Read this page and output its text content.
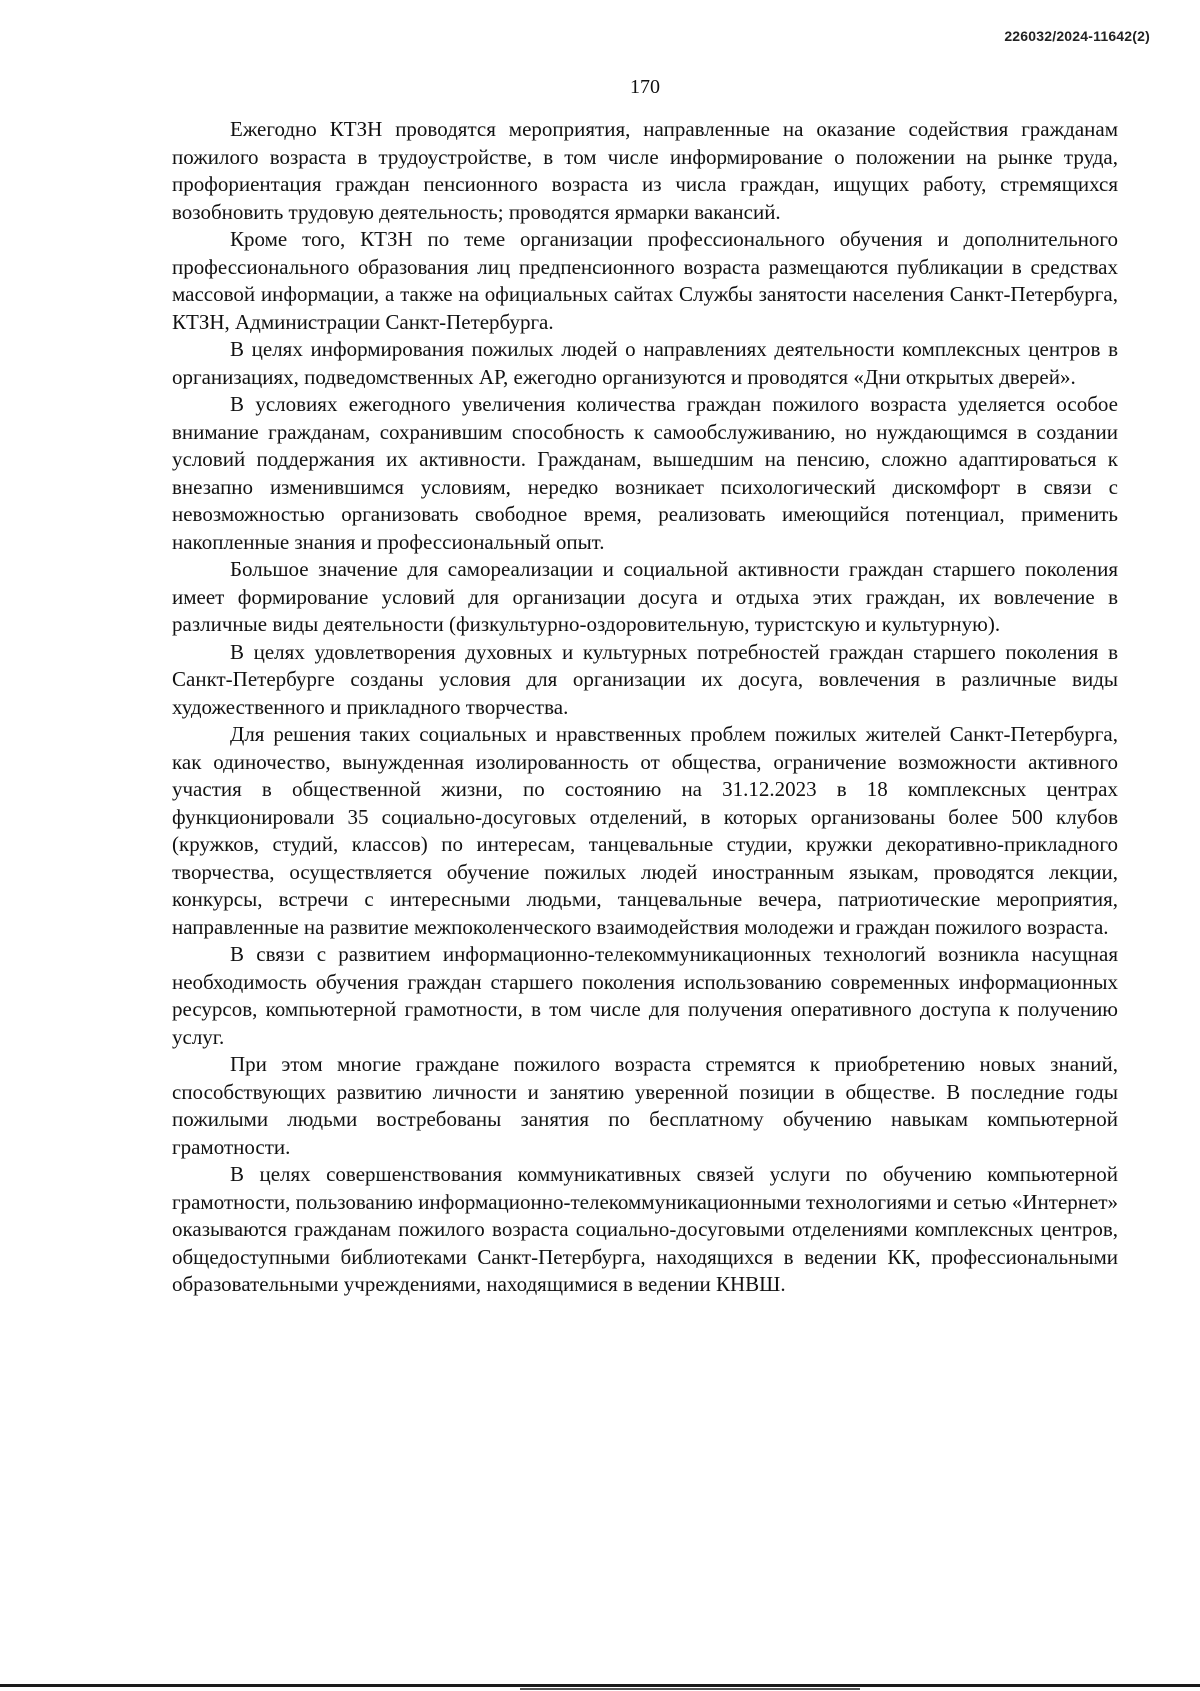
226032/2024-11642(2)
170

Ежегодно КТЗН проводятся мероприятия, направленные на оказание содействия гражданам пожилого возраста в трудоустройстве, в том числе информирование о положении на рынке труда, профориентация граждан пенсионного возраста из числа граждан, ищущих работу, стремящихся возобновить трудовую деятельность; проводятся ярмарки вакансий.

Кроме того, КТЗН по теме организации профессионального обучения и дополнительного профессионального образования лиц предпенсионного возраста размещаются публикации в средствах массовой информации, а также на официальных сайтах Службы занятости населения Санкт-Петербурга, КТЗН, Администрации Санкт-Петербурга.

В целях информирования пожилых людей о направлениях деятельности комплексных центров в организациях, подведомственных АР, ежегодно организуются и проводятся «Дни открытых дверей».

В условиях ежегодного увеличения количества граждан пожилого возраста уделяется особое внимание гражданам, сохранившим способность к самообслуживанию, но нуждающимся в создании условий поддержания их активности. Гражданам, вышедшим на пенсию, сложно адаптироваться к внезапно изменившимся условиям, нередко возникает психологический дискомфорт в связи с невозможностью организовать свободное время, реализовать имеющийся потенциал, применить накопленные знания и профессиональный опыт.

Большое значение для самореализации и социальной активности граждан старшего поколения имеет формирование условий для организации досуга и отдыха этих граждан, их вовлечение в различные виды деятельности (физкультурно-оздоровительную, туристскую и культурную).

В целях удовлетворения духовных и культурных потребностей граждан старшего поколения в Санкт-Петербурге созданы условия для организации их досуга, вовлечения в различные виды художественного и прикладного творчества.

Для решения таких социальных и нравственных проблем пожилых жителей Санкт-Петербурга, как одиночество, вынужденная изолированность от общества, ограничение возможности активного участия в общественной жизни, по состоянию на 31.12.2023 в 18 комплексных центрах функционировали 35 социально-досуговых отделений, в которых организованы более 500 клубов (кружков, студий, классов) по интересам, танцевальные студии, кружки декоративно-прикладного творчества, осуществляется обучение пожилых людей иностранным языкам, проводятся лекции, конкурсы, встречи с интересными людьми, танцевальные вечера, патриотические мероприятия, направленные на развитие межпоколенческого взаимодействия молодежи и граждан пожилого возраста.

В связи с развитием информационно-телекоммуникационных технологий возникла насущная необходимость обучения граждан старшего поколения использованию современных информационных ресурсов, компьютерной грамотности, в том числе для получения оперативного доступа к получению услуг.

При этом многие граждане пожилого возраста стремятся к приобретению новых знаний, способствующих развитию личности и занятию уверенной позиции в обществе. В последние годы пожилыми людьми востребованы занятия по бесплатному обучению навыкам компьютерной грамотности.

В целях совершенствования коммуникативных связей услуги по обучению компьютерной грамотности, пользованию информационно-телекоммуникационными технологиями и сетью «Интернет» оказываются гражданам пожилого возраста социально-досуговыми отделениями комплексных центров, общедоступными библиотеками Санкт-Петербурга, находящихся в ведении КК, профессиональными образовательными учреждениями, находящимися в ведении КНВШ.
